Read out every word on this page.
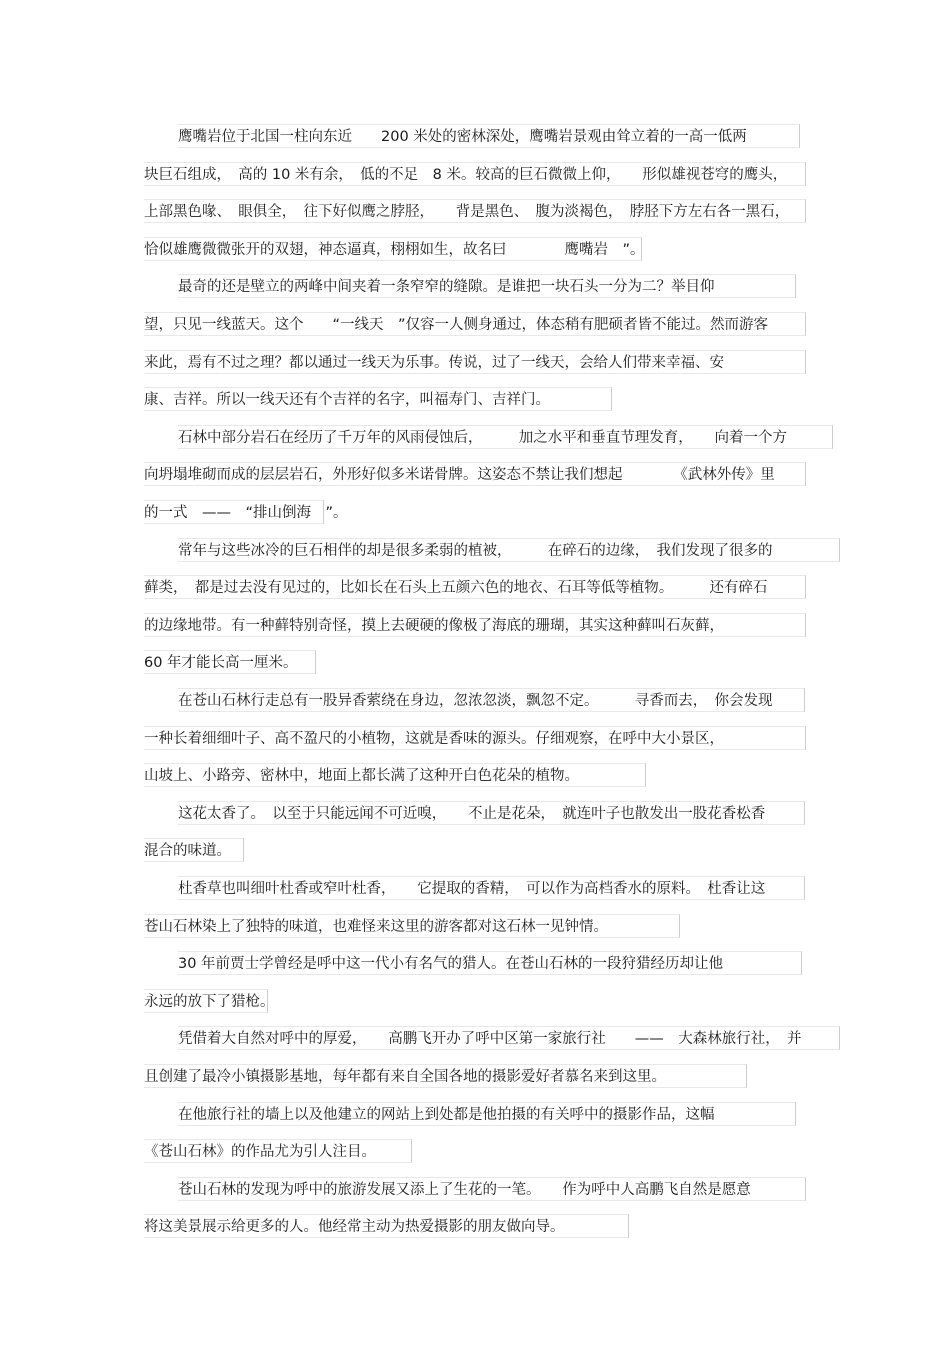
鹰嘴岩位于北国一柱向东近　　200 米处的密林深处，鹰嘴岩景观由耸立着的一高一低两
块巨石组成，　高的 10 米有余，　低的不足　8 米。较高的巨石微微上仰，　　形似雄视苍穹的鹰头，
上部黑色喙、　眼俱全，　往下好似鹰之脖胫，　　背是黑色、　腹为淡褐色，　脖胫下方左右各一黑石，
恰似雄鹰微微张开的双翅，神态逼真，栩栩如生，故名曰　　　　鹰嘴岩　”。
最奇的还是壁立的两峰中间夹着一条窄窄的缝隙。是谁把一块石头一分为二？举目仰
望，只见一线蓝天。这个　　“一线天　”仅容一人侧身通过，体态稍有肥硕者皆不能过。然而游客
来此，焉有不过之理？都以通过一线天为乐事。传说，过了一线天，会给人们带来幸福、安
康、吉祥。所以一线天还有个吉祥的名字，叫福寿门、吉祥门。
石林中部分岩石在经历了千万年的风雨侵蚀后，　　　加之水平和垂直节理发育，　　向着一个方
向坍塌堆砌而成的层层岩石，外形好似多米诺骨牌。这姿态不禁让我们想起　　　　《武林外传》里
的一式　——　“排山倒海　”。
常年与这些冰冷的巨石相伴的却是很多柔弱的植被，　　　在碎石的边缘，　我们发现了很多的
藓类，　都是过去没有见过的，比如长在石头上五颜六色的地衣、石耳等低等植物。　　　还有碎石
的边缘地带。有一种藓特别奇怪，摸上去硬硬的像极了海底的珊瑚，其实这种藓叫石灰藓，
60 年才能长高一厘米。
在苍山石林行走总有一股异香萦绕在身边，忽浓忽淡，飘忽不定。　　　寻香而去，　你会发现
一种长着细细叶子、高不盈尺的小植物，这就是香味的源头。仔细观察，在呼中大小景区，
山坡上、小路旁、密林中，地面上都长满了这种开白色花朵的植物。
这花太香了。　以至于只能远闻不可近嗅，　　不止是花朵，　就连叶子也散发出一股花香松香
混合的味道。
杜香草也叫细叶杜香或窄叶杜香，　　它提取的香精，　可以作为高档香水的原料。　杜香让这
苍山石林染上了独特的味道，也难怪来这里的游客都对这石林一见钟情。
30 年前贾士学曾经是呼中这一代小有名气的猎人。在苍山石林的一段狩猎经历却让他
永远的放下了猎枪。
凭借着大自然对呼中的厚爱，　　高鹏飞开办了呼中区第一家旅行社　　——　大森林旅行社，　并
且创建了最冷小镇摄影基地，每年都有来自全国各地的摄影爱好者慕名来到这里。
在他旅行社的墙上以及他建立的网站上到处都是他拍摄的有关呼中的摄影作品，这幅
《苍山石林》的作品尤为引人注目。
苍山石林的发现为呼中的旅游发展又添上了生花的一笔。　　作为呼中人高鹏飞自然是愿意
将这美景展示给更多的人。他经常主动为热爱摄影的朋友做向导。
